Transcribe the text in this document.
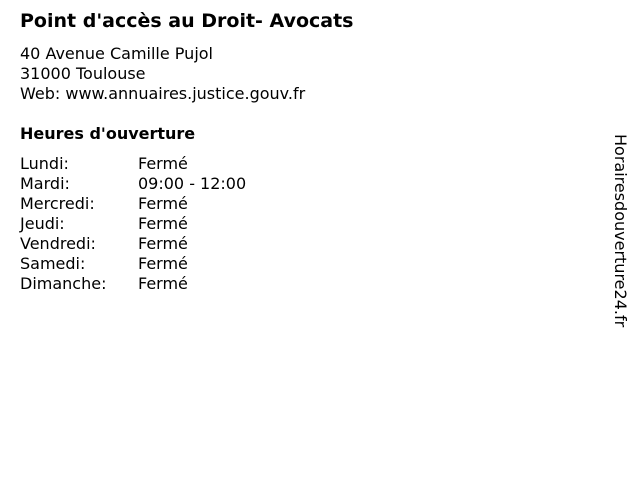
Point d'accès au Droit- Avocats
40 Avenue Camille Pujol
31000 Toulouse
Web: www.annuaires.justice.gouv.fr
Heures d'ouverture
Lundi:	Fermé
Mardi:	09:00 - 12:00
Mercredi:	Fermé
Jeudi:	Fermé
Vendredi:	Fermé
Samedi:	Fermé
Dimanche:	Fermé	Horairesdouverture24.fr
